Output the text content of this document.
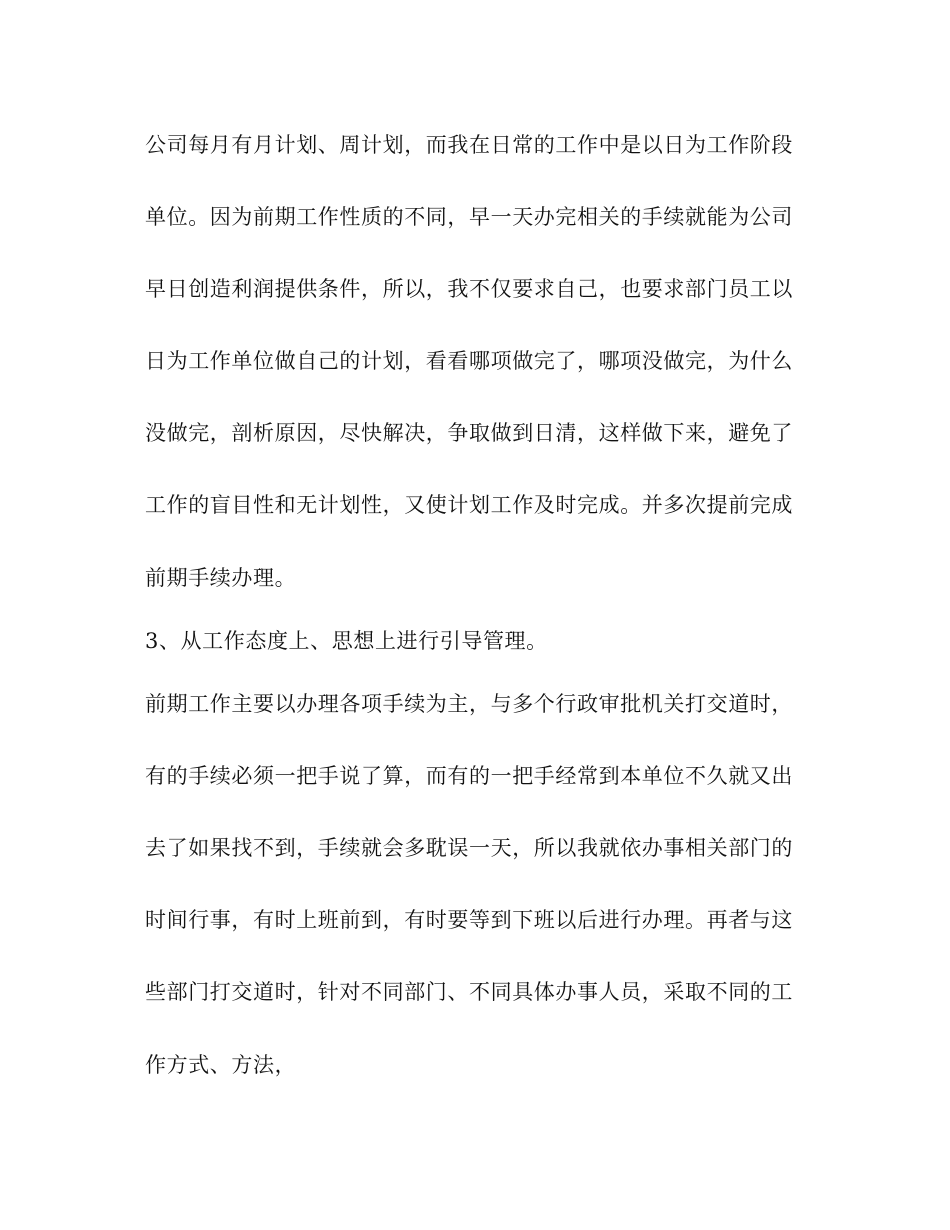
公司每月有月计划、周计划，而我在日常的工作中是以日为工作阶段
单位。因为前期工作性质的不同，早一天办完相关的手续就能为公司
早日创造利润提供条件，所以，我不仅要求自己，也要求部门员工以
日为工作单位做自己的计划，看看哪项做完了，哪项没做完，为什么
没做完，剖析原因，尽快解决，争取做到日清，这样做下来，避免了
工作的盲目性和无计划性，又使计划工作及时完成。并多次提前完成
前期手续办理。
3、从工作态度上、思想上进行引导管理。
前期工作主要以办理各项手续为主，与多个行政审批机关打交道时，
有的手续必须一把手说了算，而有的一把手经常到本单位不久就又出
去了如果找不到，手续就会多耽误一天，所以我就依办事相关部门的
时间行事，有时上班前到，有时要等到下班以后进行办理。再者与这
些部门打交道时，针对不同部门、不同具体办事人员，采取不同的工
作方式、方法，
